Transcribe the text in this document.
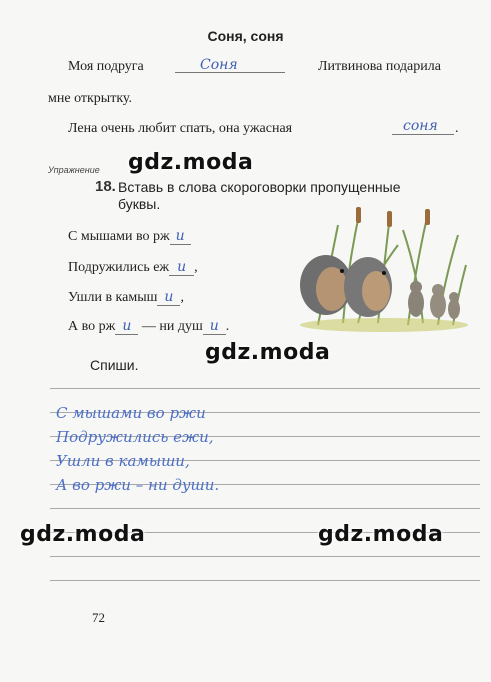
Соня, соня
Моя подруга	Соня	Литвинова подарила
мне открытку.
Лена очень любит спать, она ужасная	соня .
gdz.moda
Упражнение
18. Вставь в слова скороговорки пропущенные
буквы.
С мышами во рж и
Подружились еж и ,
Ушли в камыш и ,
А во рж и — ни душ и .
gdz.moda
Спиши.
С мышами во ржи
Подружились ежи,
Ушли в камыши,
А во ржи – ни души.
gdz.moda	gdz.moda
72
